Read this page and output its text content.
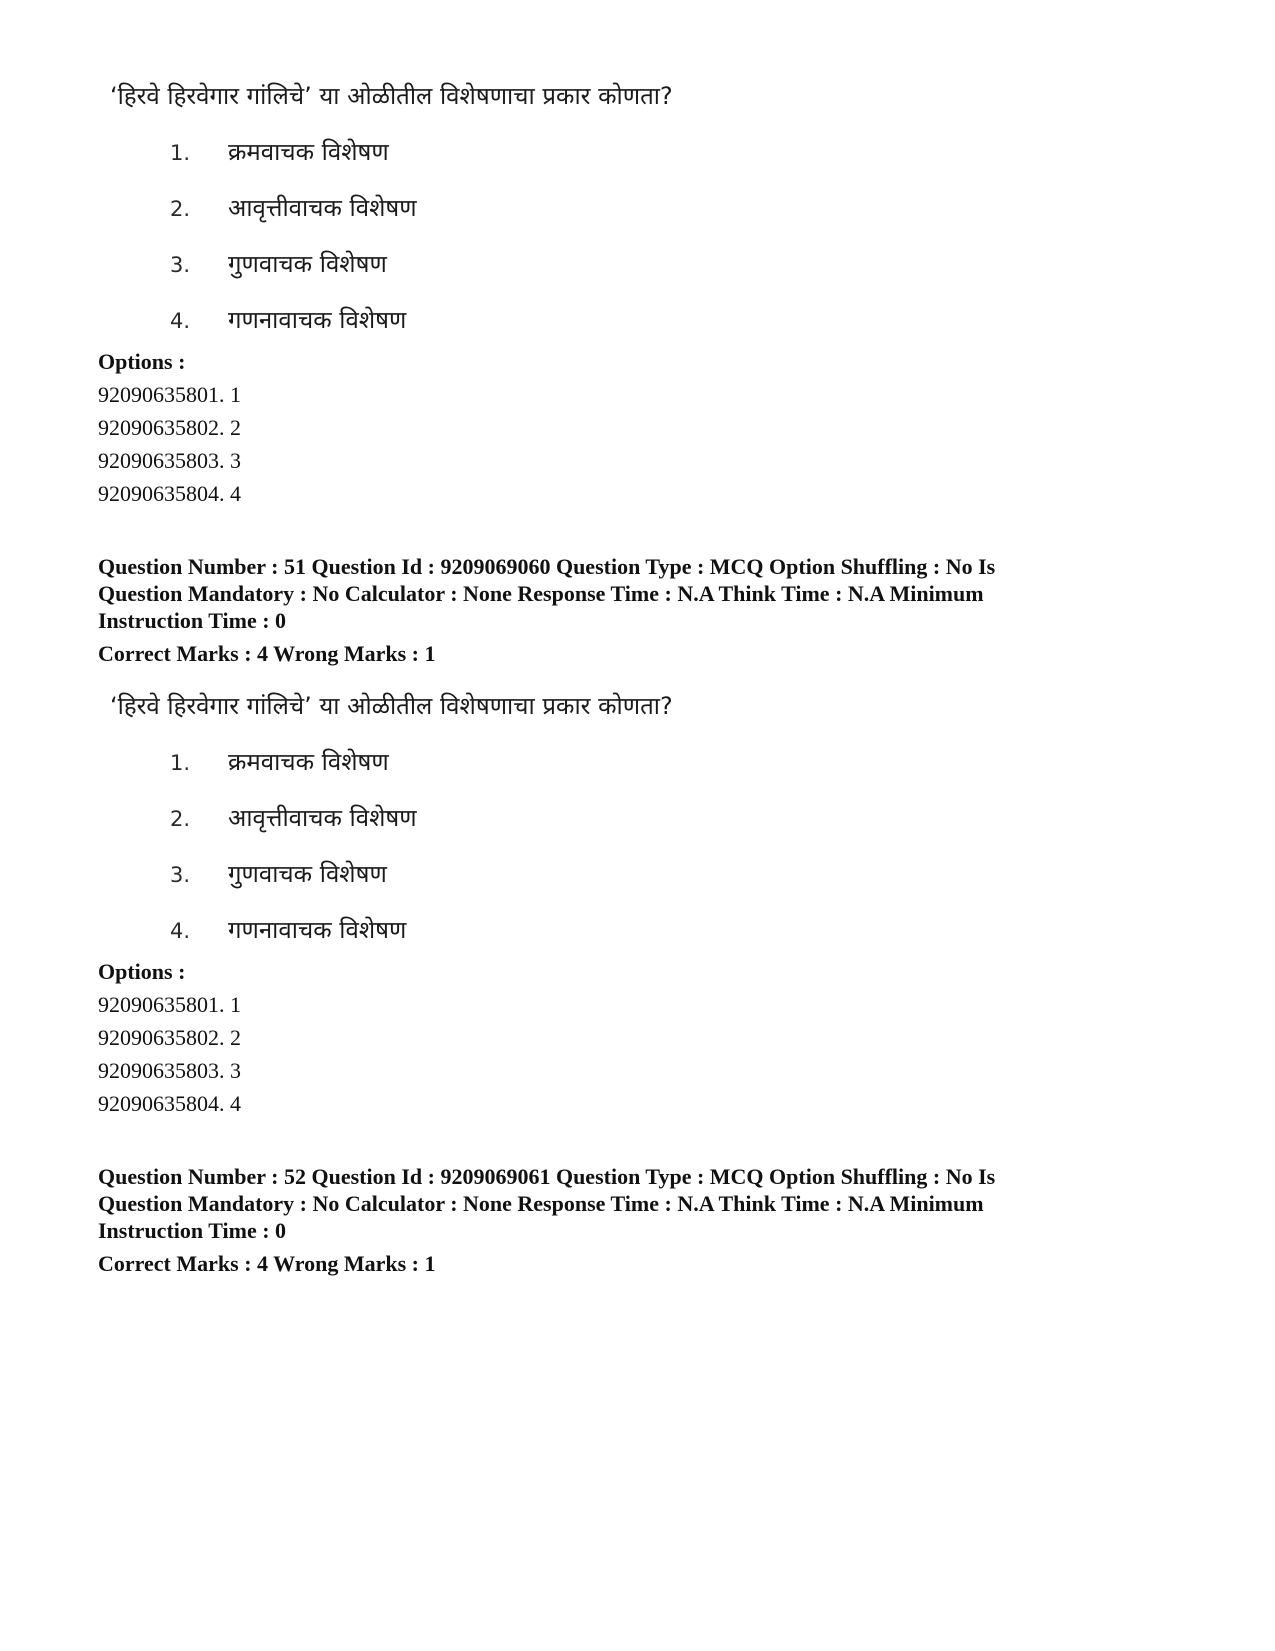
‘हिरवे हिरवेगार गांलिचे’ या ओळीतील विशेषणाचा प्रकार कोणता?
1. क्रमवाचक विशेषण
2. आवृत्तीवाचक विशेषण
3. गुणवाचक विशेषण
4. गणनावाचक विशेषण

Options :

92090635801. 1

92090635802. 2

92090635803. 3

92090635804. 4

Question Number : 51 Question Id : 9209069060 Question Type : MCQ Option Shuffling : No Is

Question Mandatory : No Calculator : None Response Time : N.A Think Time : N.A Minimum

Instruction Time : 0

Correct Marks : 4 Wrong Marks : 1

‘हिरवे हिरवेगार गांलिचे’ या ओळीतील विशेषणाचा प्रकार कोणता?
1. क्रमवाचक विशेषण
2. आवृत्तीवाचक विशेषण
3. गुणवाचक विशेषण
4. गणनावाचक विशेषण

Options :

92090635801. 1

92090635802. 2

92090635803. 3

92090635804. 4

Question Number : 52 Question Id : 9209069061 Question Type : MCQ Option Shuffling : No Is

Question Mandatory : No Calculator : None Response Time : N.A Think Time : N.A Minimum

Instruction Time : 0

Correct Marks : 4 Wrong Marks : 1
